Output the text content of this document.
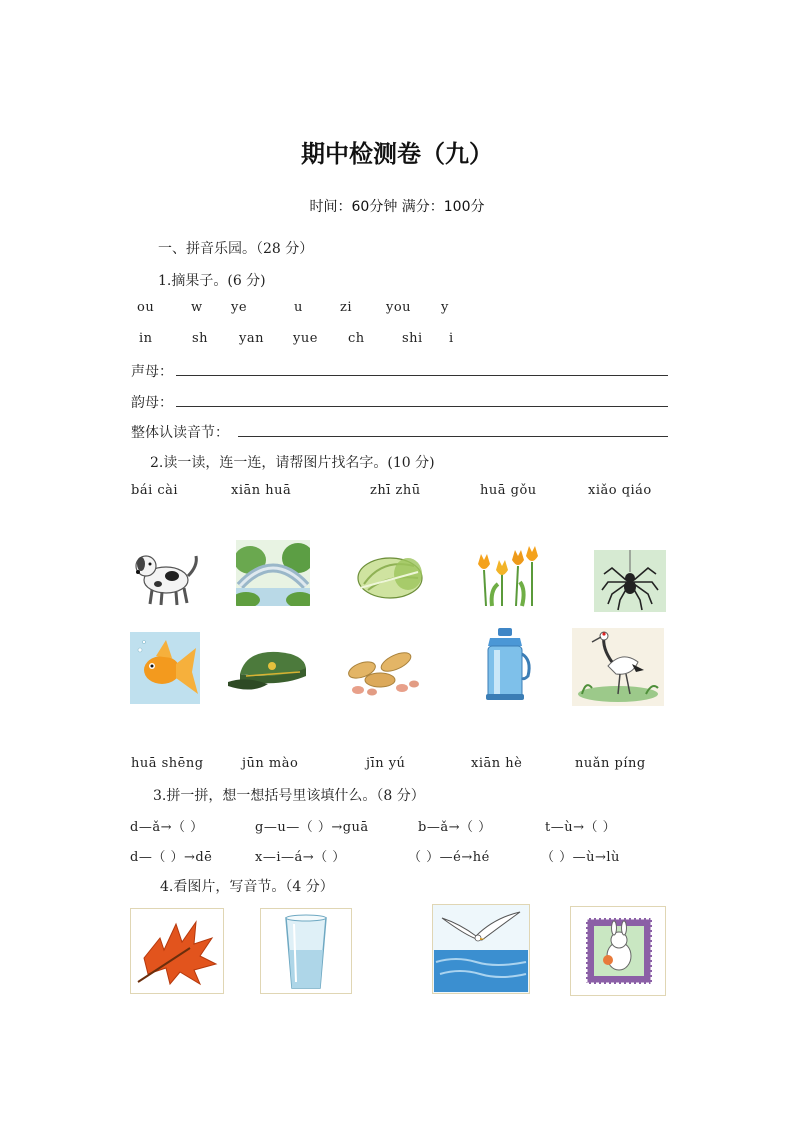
期中检测卷（九）
时间：60分钟 满分：100分
一、拼音乐园。（28 分）
1.摘果子。(6 分)
ou	w ye	u	zi	you y
in	sh yan yue ch	shi i
声母：
韵母：
整体认读音节：
2.读一读，连一连，请帮图片找名字。(10 分)
bái cài	xiān huā	zhī zhū	huā gǒu	xiǎo qiáo
huā shēng	jūn mào	jīn yú	xiān hè	nuǎn píng
3.拼一拼，想一想括号里该填什么。（8 分）
d—ǎ→（ ）	g—u—（ ）→guā	b—ǎ→（ ）	t—ù→（ ）
d—（ ）→dē	x—i—á→（ ）	（ ）—é→hé	（ ）—ù→lù
4.看图片，写音节。（4 分）
